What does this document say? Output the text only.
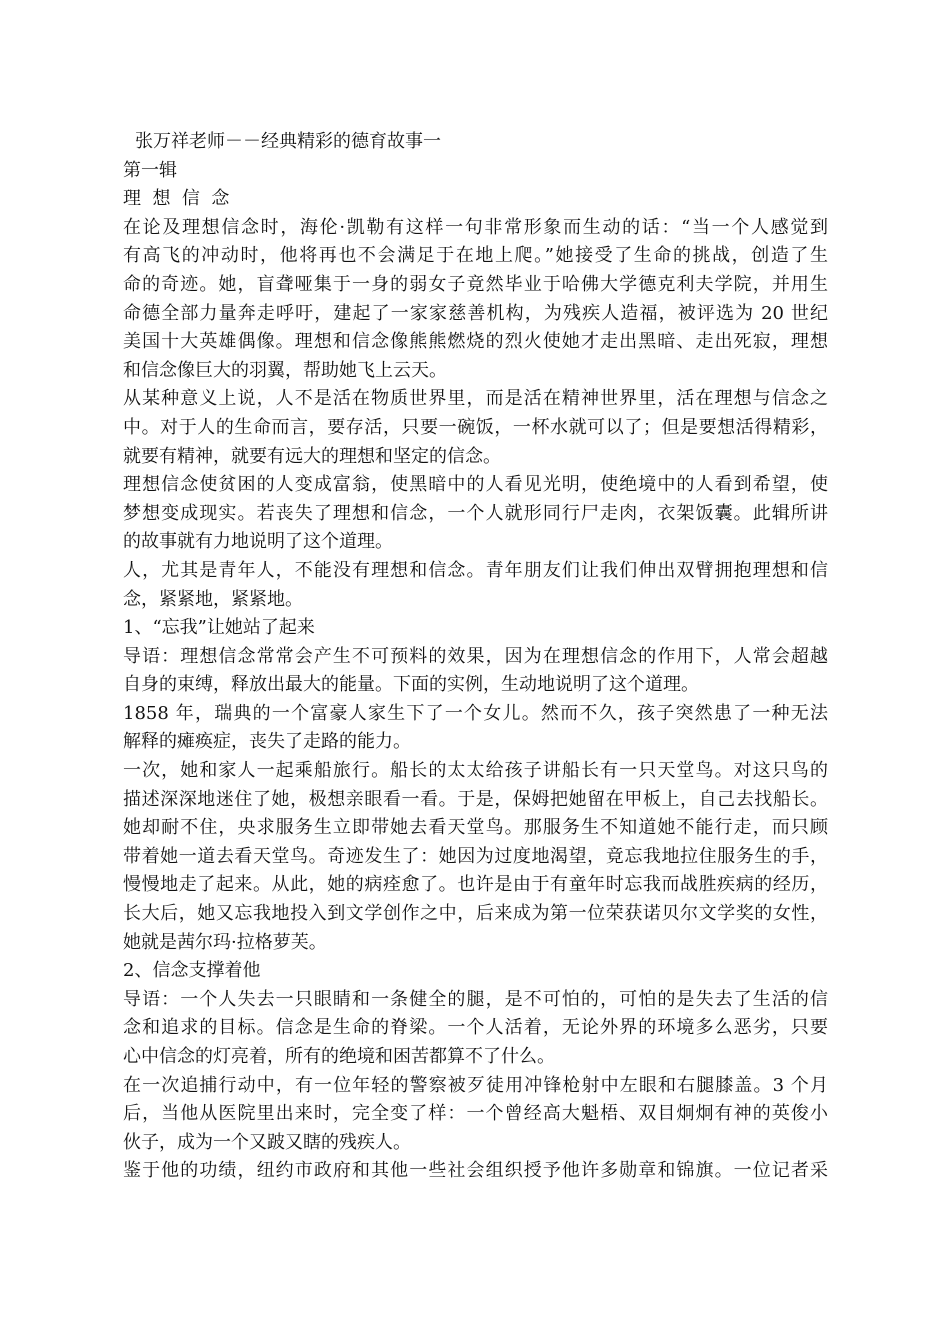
张万祥老师－－经典精彩的德育故事一
第一辑
理  想  信  念
在论及理想信念时，海伦·凯勒有这样一句非常形象而生动的话：“当一个人感觉到
有高飞的冲动时，他将再也不会满足于在地上爬。”她接受了生命的挑战，创造了生
命的奇迹。她，盲聋哑集于一身的弱女子竟然毕业于哈佛大学德克利夫学院，并用生
命德全部力量奔走呼吁，建起了一家家慈善机构，为残疾人造福，被评选为 20 世纪
美国十大英雄偶像。理想和信念像熊熊燃烧的烈火使她才走出黑暗、走出死寂，理想
和信念像巨大的羽翼，帮助她飞上云天。
从某种意义上说，人不是活在物质世界里，而是活在精神世界里，活在理想与信念之
中。对于人的生命而言，要存活，只要一碗饭，一杯水就可以了；但是要想活得精彩，
就要有精神，就要有远大的理想和坚定的信念。
理想信念使贫困的人变成富翁，使黑暗中的人看见光明，使绝境中的人看到希望，使
梦想变成现实。若丧失了理想和信念，一个人就形同行尸走肉，衣架饭囊。此辑所讲
的故事就有力地说明了这个道理。
人，尤其是青年人，不能没有理想和信念。青年朋友们让我们伸出双臂拥抱理想和信
念，紧紧地，紧紧地。
1、“忘我”让她站了起来
导语：理想信念常常会产生不可预料的效果，因为在理想信念的作用下，人常会超越
自身的束缚，释放出最大的能量。下面的实例，生动地说明了这个道理。
1858 年，瑞典的一个富豪人家生下了一个女儿。然而不久，孩子突然患了一种无法
解释的瘫痪症，丧失了走路的能力。
一次，她和家人一起乘船旅行。船长的太太给孩子讲船长有一只天堂鸟。对这只鸟的
描述深深地迷住了她，极想亲眼看一看。于是，保姆把她留在甲板上，自己去找船长。
她却耐不住，央求服务生立即带她去看天堂鸟。那服务生不知道她不能行走，而只顾
带着她一道去看天堂鸟。奇迹发生了：她因为过度地渴望，竟忘我地拉住服务生的手，
慢慢地走了起来。从此，她的病痊愈了。也许是由于有童年时忘我而战胜疾病的经历，
长大后，她又忘我地投入到文学创作之中，后来成为第一位荣获诺贝尔文学奖的女性，
她就是茜尔玛·拉格萝芙。
2、信念支撑着他
导语：一个人失去一只眼睛和一条健全的腿，是不可怕的，可怕的是失去了生活的信
念和追求的目标。信念是生命的脊梁。一个人活着，无论外界的环境多么恶劣，只要
心中信念的灯亮着，所有的绝境和困苦都算不了什么。
在一次追捕行动中，有一位年轻的警察被歹徒用冲锋枪射中左眼和右腿膝盖。3 个月
后，当他从医院里出来时，完全变了样：一个曾经高大魁梧、双目炯炯有神的英俊小
伙子，成为一个又跛又瞎的残疾人。
鉴于他的功绩，纽约市政府和其他一些社会组织授予他许多勋章和锦旗。一位记者采
